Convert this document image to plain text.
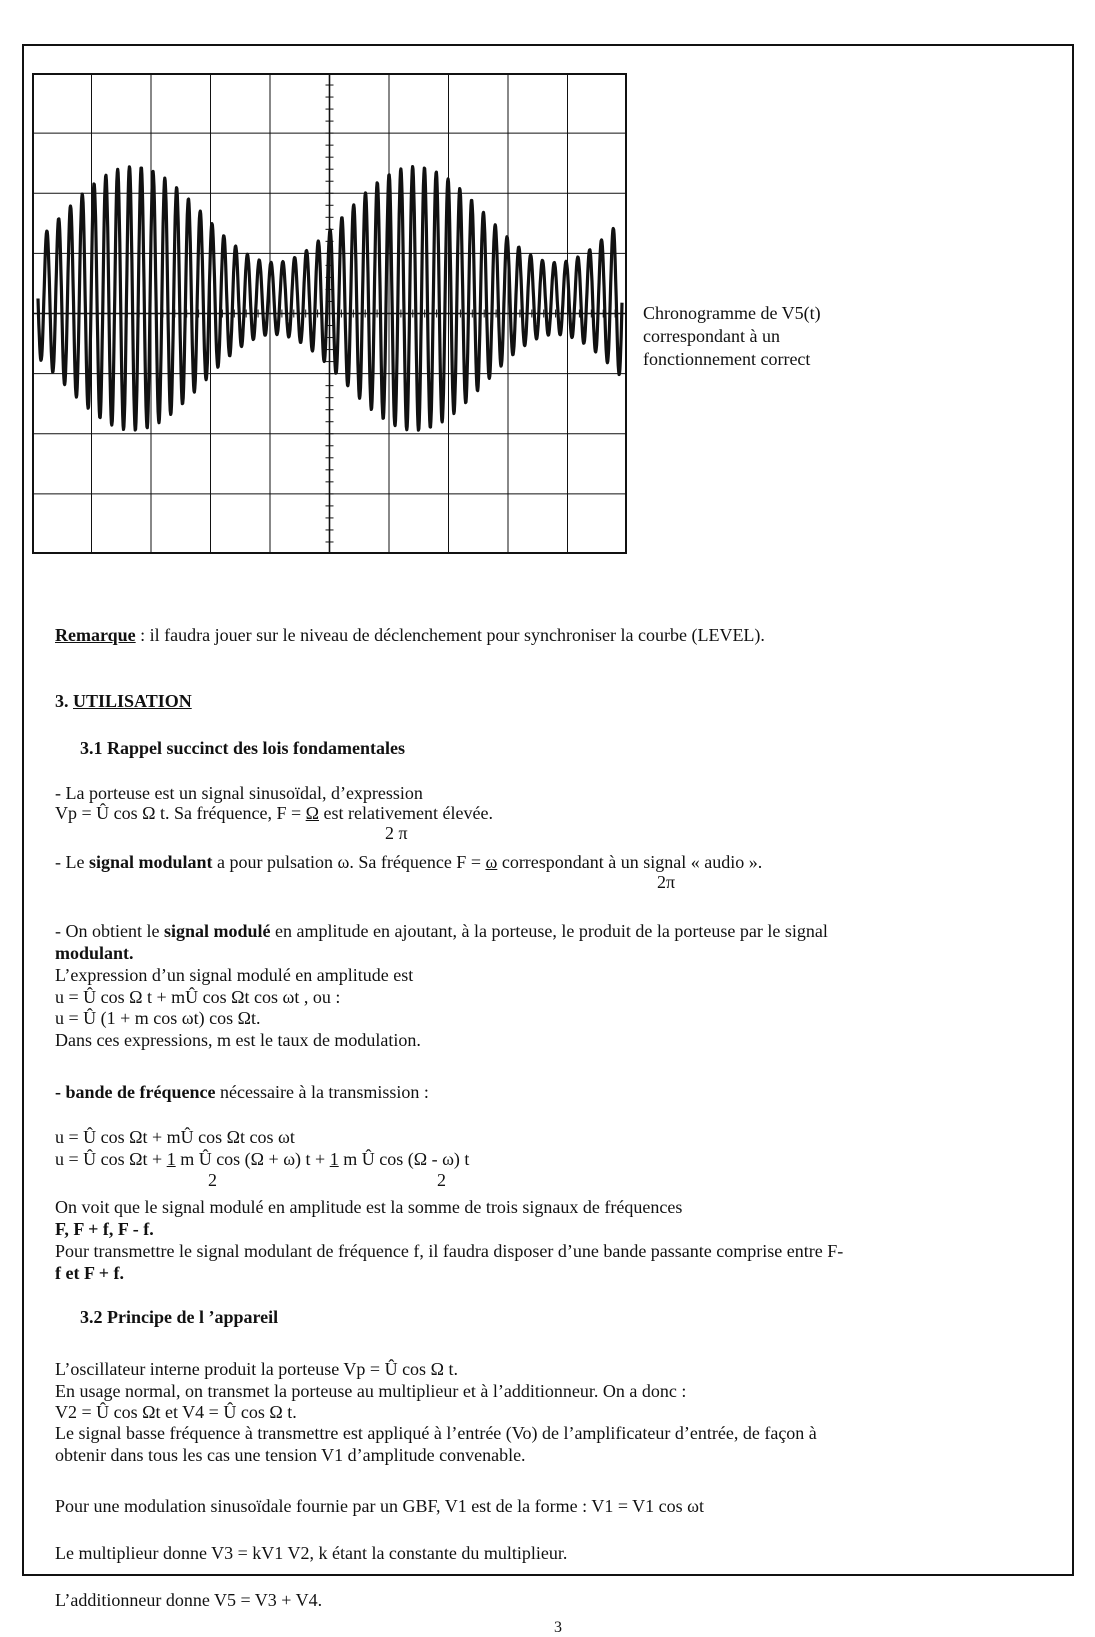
Chronogramme de V5(t)
correspondant à un
fonctionnement correct
Remarque : il faudra jouer sur le niveau de déclenchement pour synchroniser la courbe (LEVEL).
3. UTILISATION
3.1 Rappel succinct des lois fondamentales
- La porteuse est un signal sinusoïdal, d’expression
Vp = Û cos Ω t. Sa fréquence, F = Ω est relativement élevée.
2 π
- Le signal modulant a pour pulsation ω. Sa fréquence F = ω correspondant à un signal « audio ».
2π
- On obtient le signal modulé en amplitude en ajoutant, à la porteuse, le produit de la porteuse par le signal
modulant.
L’expression d’un signal modulé en amplitude est
u = Û cos Ω t + mÛ cos Ωt cos ωt , ou :
u = Û (1 + m cos ωt) cos Ωt.
Dans ces expressions, m est le taux de modulation.
- bande de fréquence nécessaire à la transmission :
u = Û cos Ωt + mÛ cos Ωt cos ωt
u = Û cos Ωt + 1 m Û cos (Ω + ω) t + 1 m Û cos (Ω - ω) t
2	2
On voit que le signal modulé en amplitude est la somme de trois signaux de fréquences
F, F + f, F - f.
Pour transmettre le signal modulant de fréquence f, il faudra disposer d’une bande passante comprise entre F-
f et F + f.
3.2 Principe de l ’appareil
L’oscillateur interne produit la porteuse Vp = Û cos Ω t.
En usage normal, on transmet la porteuse au multiplieur et à l’additionneur. On a donc :
V2 = Û cos Ωt et V4 = Û cos Ω t.
Le signal basse fréquence à transmettre est appliqué à l’entrée (Vo) de l’amplificateur d’entrée, de façon à
obtenir dans tous les cas une tension V1 d’amplitude convenable.
Pour une modulation sinusoïdale fournie par un GBF, V1 est de la forme : V1 = V1 cos ωt
Le multiplieur donne V3 = kV1 V2, k étant la constante du multiplieur.
L’additionneur donne V5 = V3 + V4.
3
